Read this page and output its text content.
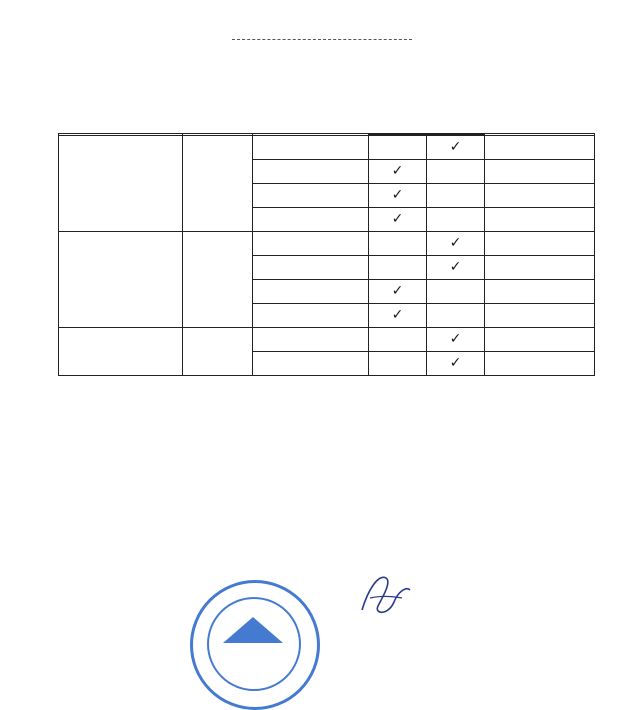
				✓	
			✓		
			✓		
			✓		
				✓	
				✓	
			✓		
			✓		
				✓	
				✓	
